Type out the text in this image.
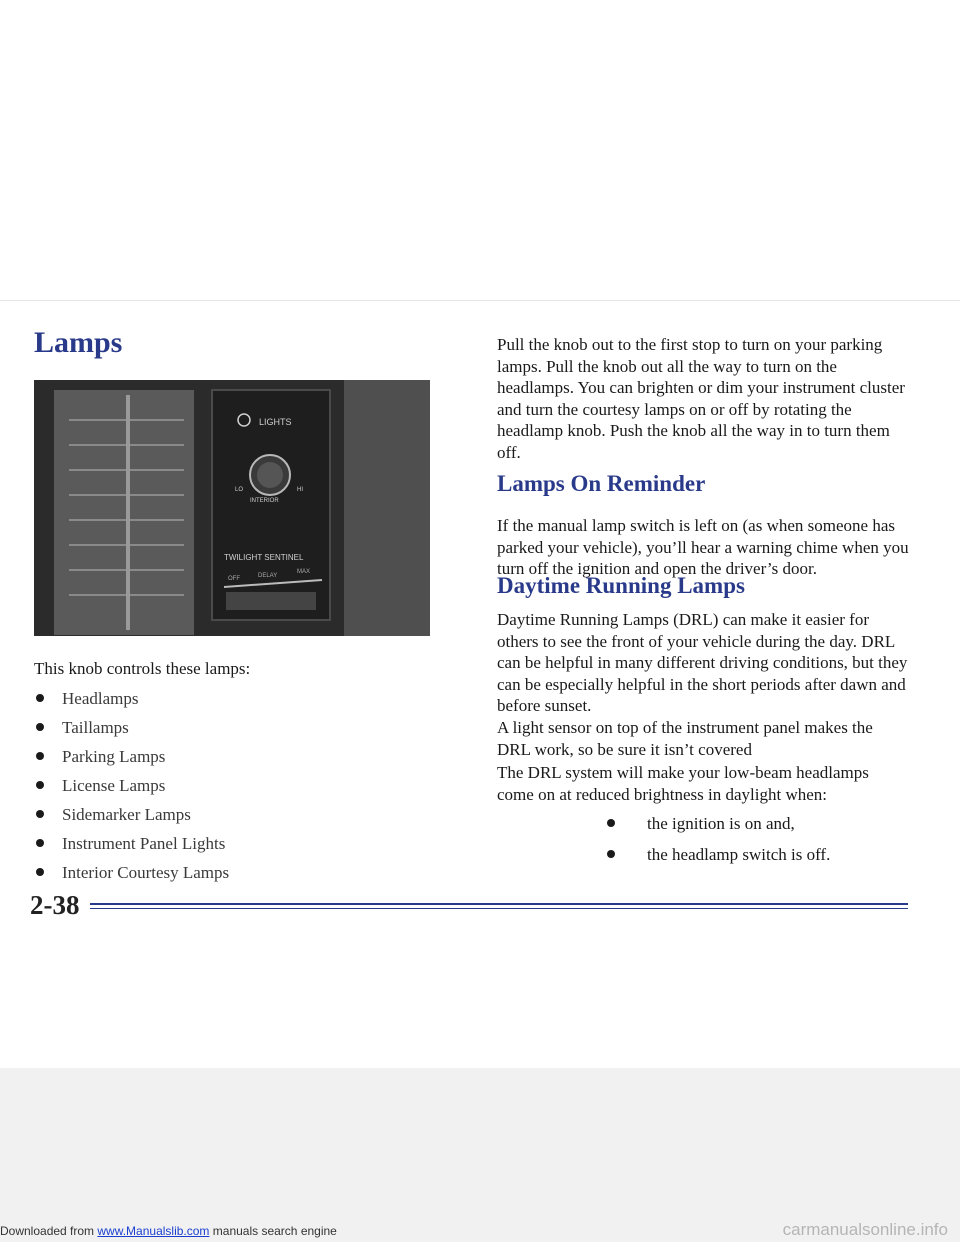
Lamps
LIGHTS
LO	HI
INTERIOR
TWILIGHT SENTINEL
OFF	DELAY
MAX

This knob controls these lamps:

Headlamps
Taillamps
Parking Lamps
License Lamps
Sidemarker Lamps
Instrument Panel Lights
Interior Courtesy Lamps

Pull the knob out to the first stop to turn on your parking lamps. Pull the knob out all the way to turn on the headlamps. You can brighten or dim your instrument cluster and turn the courtesy lamps on or off by rotating the headlamp knob. Push the knob all the way in to turn them off.

Lamps On Reminder

If the manual lamp switch is left on (as when someone has parked your vehicle), you’ll hear a warning chime when you turn off the ignition and open the driver’s door.

Daytime Running Lamps

Daytime Running Lamps (DRL) can make it easier for others to see the front of your vehicle during the day. DRL can be helpful in many different driving conditions, but they can be especially helpful in the short periods after dawn and before sunset.

A light sensor on top of the instrument panel makes the DRL work, so be sure it isn’t covered

The DRL system will make your low-beam headlamps come on at reduced brightness in daylight when:

the ignition is on and,
the headlamp switch is off.
2-38
Downloaded from www.Manualslib.com manuals search engine	carmanualsonline.info
